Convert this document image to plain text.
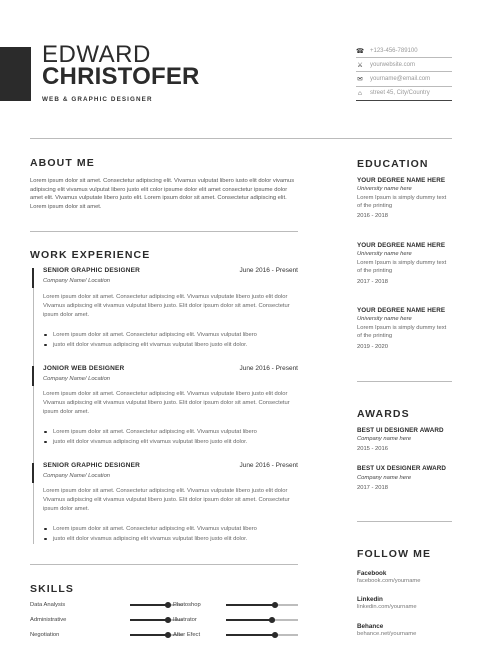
EDWARD
CHRISTOFER
WEB & GRAPHIC DESIGNER
☎ +123-456-789100
⚔ yourwebsite.com
✉ yourname@email.com
⌂	street 45, City/Country
ABOUT ME
Lorem ipsum dolor sit amet. Consectetur adipiscing elit. Vivamus vulputat libero iusto elit dolor vivamus adipiscing elit vivamus vulputat libero justo elit color ipsume dolor elit amet consectetur ipsume dolor amet elit. Vivamus vulputate libero justo elit. Lorem ipsum dolor sit amet. Consectetur adipiscing elit. Lorem ipsum dolor sit amet.
WORK EXPERIENCE
SENIOR GRAPHIC DESIGNER	June 2016 - Present
Company Name/ Location
Lorem ipsum dolor sit amet. Consectetur adipiscing elit. Vivamus vulputate libero justo elit dolor Vivamus adipiscing elit vivamus vulputat libero justo. Elit dolor ipsum dolor sit amet. Consectetur ipsum dolor amet.
Lorem ipsum dolor sit amet. Consectetur adipiscing elit. Vivamus vulputat libero
justo elit dolor vivamus adipiscing elit vivamus vulputat libero justo elit dolor.
JONIOR WEB DESIGNER	June 2016 - Present
Company Name/ Location
Lorem ipsum dolor sit amet. Consectetur adipiscing elit. Vivamus vulputate libero justo elit dolor Vivamus adipiscing elit vivamus vulputat libero justo. Elit dolor ipsum dolor sit amet. Consectetur ipsum dolor amet.
Lorem ipsum dolor sit amet. Consectetur adipiscing elit. Vivamus vulputat libero
justo elit dolor vivamus adipiscing elit vivamus vulputat libero justo elit dolor.
SENIOR GRAPHIC DESIGNER	June 2016 - Present
Company Name/ Location
Lorem ipsum dolor sit amet. Consectetur adipiscing elit. Vivamus vulputate libero justo elit dolor Vivamus adipiscing elit vivamus vulputat libero justo. Elit dolor ipsum dolor sit amet. Consectetur ipsum dolor amet.
Lorem ipsum dolor sit amet. Consectetur adipiscing elit. Vivamus vulputat libero
justo elit dolor vivamus adipiscing elit vivamus vulputat libero justo elit dolor.
SKILLS
Data Analysis	Photoshop
Administrative	Illustrator
Negotiation	After Efect
EDUCATION
YOUR DEGREE NAME HERE
University name here
Lorem Ipsum is simply dummy text of the printing
2016 - 2018
YOUR DEGREE NAME HERE
University name here
Lorem Ipsum is simply dummy text of the printing
2017 - 2018
YOUR DEGREE NAME HERE
University name here
Lorem Ipsum is simply dummy text of the printing
2019 - 2020
AWARDS
BEST UI DESIGNER AWARD
Company name here
2015 - 2016
BEST UX DESIGNER AWARD
Company name here
2017 - 2018
FOLLOW ME
Facebook
facebook.com/yourname
Linkedin
linkedin.com/yourname
Behance
behance.net/yourname
